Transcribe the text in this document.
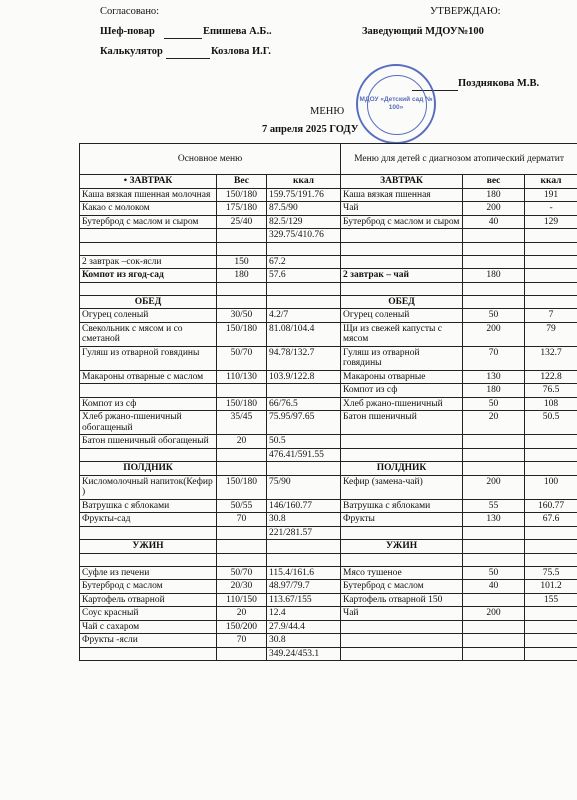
Согласовано:
Шеф-повар	Епишева А.Б..
Калькулятор	Козлова И.Г.
УТВЕРЖДАЮ:
Заведующий МДОУ№100
Позднякова М.В.
МЕНЮ
7 апреля 2025 ГОДУ
МДОУ «Детский сад № 100»
Основное меню			Меню для детей с диагнозом атопический дерматит		
• ЗАВТРАК	Вес	ккал	ЗАВТРАК	вес	ккал
Каша вязкая пшенная молочная	150/180	159.75/191.76	Каша вязкая пшенная	180	191
Какао с молоком	175/180	87.5/90	Чай	200	-
Бутерброд с маслом и сыром	25/40	82.5/129	Бутерброд с маслом и сыром	40	129
		329.75/410.76			

2 завтрак –сок-ясли	150	67.2			
Компот из ягод-сад	180	57.6	2 завтрак – чай	180	

ОБЕД			ОБЕД		
Огурец соленый	30/50	4.2/7	Огурец соленый	50	7
Свекольник с мясом и со сметаной	150/180	81.08/104.4	Щи из свежей капусты с мясом	200	79
Гуляш из отварной говядины	50/70	94.78/132.7	Гуляш из отварной говядины	70	132.7
Макароны отварные с маслом	110/130	103.9/122.8	Макароны отварные	130	122.8
			Компот из сф	180	76.5
Компот из сф	150/180	66/76.5	Хлеб ржано-пшеничный	50	108
Хлеб ржано-пшеничный обогащеный	35/45	75.95/97.65	Батон пшеничный	20	50.5
Батон пшеничный обогащеный	20	50.5			
		476.41/591.55			
ПОЛДНИК			ПОЛДНИК		
Кисломолочный напиток(Кефир )	150/180	75/90	Кефир (замена-чай)	200	100
Ватрушка с яблоками	50/55	146/160.77	Ватрушка с яблоками	55	160.77
Фрукты-сад	70	30.8	Фрукты	130	67.6
		221/281.57			
УЖИН			УЖИН		

Суфле из печени	50/70	115.4/161.6	Мясо тушеное	50	75.5
Бутерброд с маслом	20/30	48.97/79.7	Бутерброд с маслом	40	101.2
Картофель отварной	110/150	113.67/155	Картофель отварной 150		155
Соус красный	20	12.4	Чай	200	
Чай с сахаром	150/200	27.9/44.4			
Фрукты -ясли	70	30.8			
		349.24/453.1			
